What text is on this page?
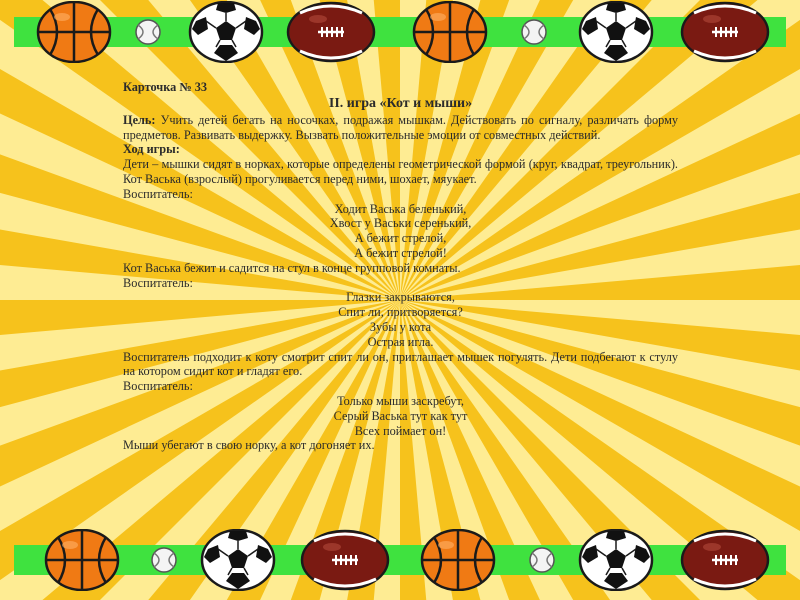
Карточка № 33

II. игра «Кот и мыши»

Цель: Учить детей бегать на носочках, подражая мышкам. Действовать по сигналу, различать форму предметов. Развивать выдержку. Вызвать положительные эмоции от совместных действий.

Ход игры:

Дети – мышки сидят в норках, которые определены геометрической формой (круг, квадрат, треугольник). Кот Васька (взрослый) прогуливается перед ними, шохает, мяукает.

Воспитатель:

Ходит Васька беленький,

Хвост у Васьки серенький,

А бежит стрелой,

А бежит стрелой!

Кот Васька бежит и садится на стул в конце групповой комнаты.

Воспитатель:

Глазки закрываются,

Спит ли, притворяется?

Зубы у кота

Острая игла.

Воспитатель подходит к коту смотрит спит ли он, приглашает мышек погулять. Дети подбегают к стулу на котором сидит кот и гладят его.

Воспитатель:

Только мыши заскребут,

Серый Васька тут как тут

Всех поймает он!

Мыши убегают в свою норку, а кот догоняет их.
